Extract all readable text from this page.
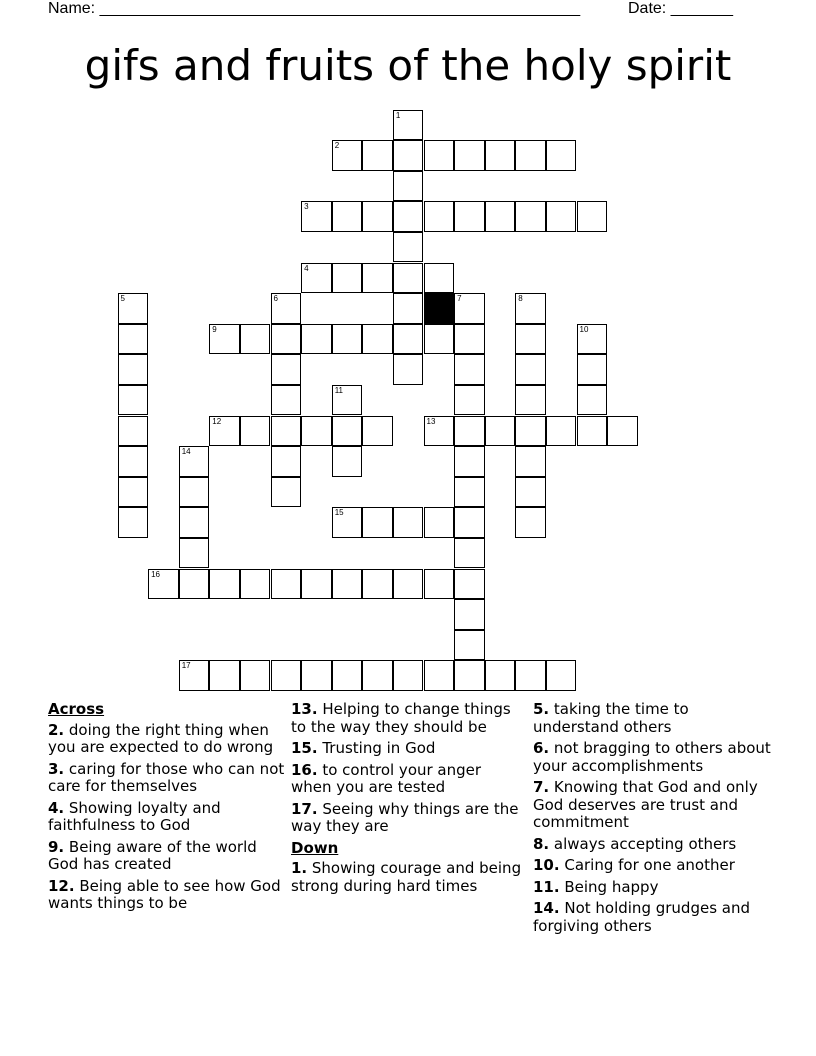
Name: ______________________________________________________	Date: _______
gifs and fruits of the holy spirit
1
2
3
4
5	6	7	8
9	10
11
12	13
14
15
16
17
Across
2. doing the right thing when you are expected to do wrong
3. caring for those who can not care for themselves
4. Showing loyalty and faithfulness to God
9. Being aware of the world God has created
12. Being able to see how God wants things to be
13. Helping to change things to the way they should be
15. Trusting in God
16. to control your anger when you are tested
17. Seeing why things are the way they are
Down
1. Showing courage and being strong during hard times
5. taking the time to understand others
6. not bragging to others about your accomplishments
7. Knowing that God and only God deserves are trust and commitment
8. always accepting others
10. Caring for one another
11. Being happy
14. Not holding grudges and forgiving others
